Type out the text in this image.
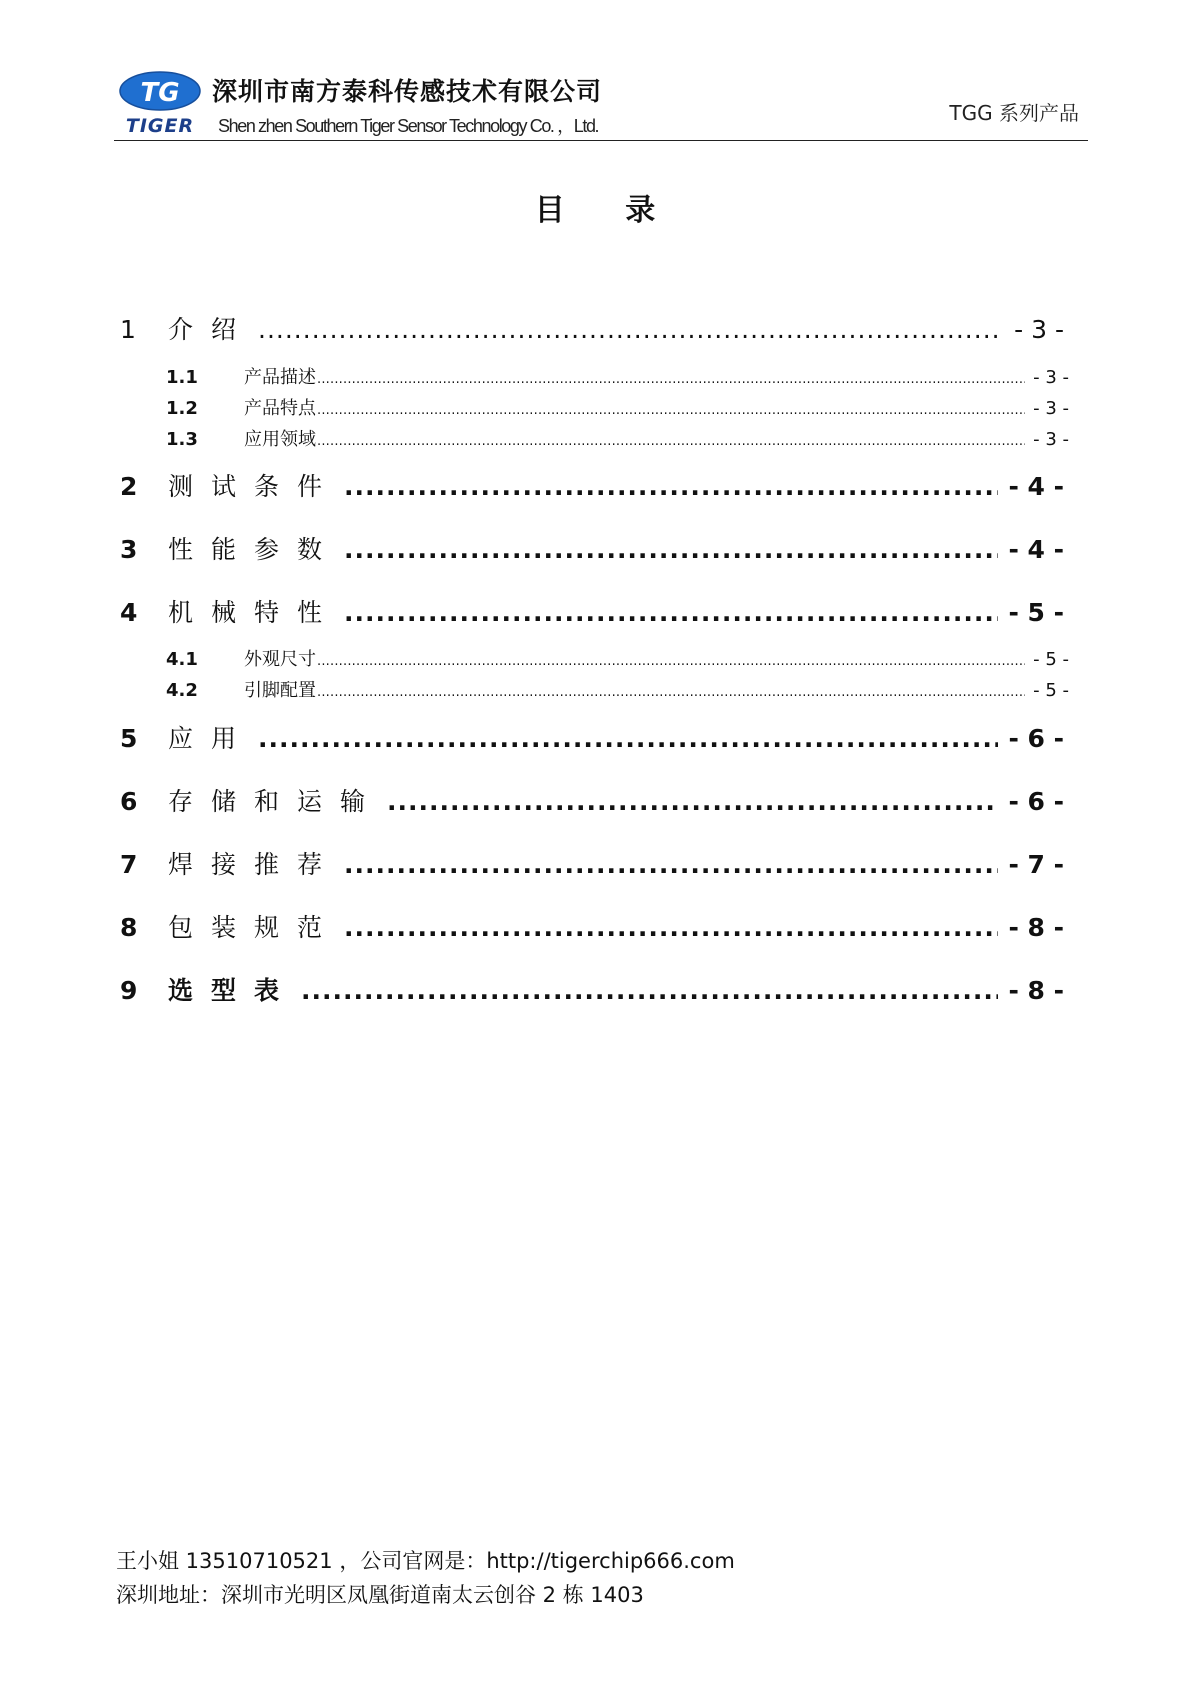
TG
TIGER
深圳市南方泰科传感技术有限公司
Shen zhen Southern Tiger Sensor Technology Co. ，Ltd.
TGG 系列产品
目 录
1	介绍 .....	- 3 -
1.1	产品描述 .....	- 3 -
1.2	产品特点 .....	- 3 -
1.3	应用领域 .....	- 3 -
2	测试条件 .....	- 4 -
3	性能参数 .....	- 4 -
4	机械特性 .....	- 5 -
4.1	外观尺寸 .....	- 5 -
4.2	引脚配置 .....	- 5 -
5	应用 .....	- 6 -
6	存储和运输 .....	- 6 -
7	焊接推荐 .....	- 7 -
8	包装规范 .....	- 8 -
9	选型表 .....	- 8 -
王小姐 13510710521 ，公司官网是：http://tigerchip666.com
深圳地址：深圳市光明区凤凰街道南太云创谷 2 栋 1403
